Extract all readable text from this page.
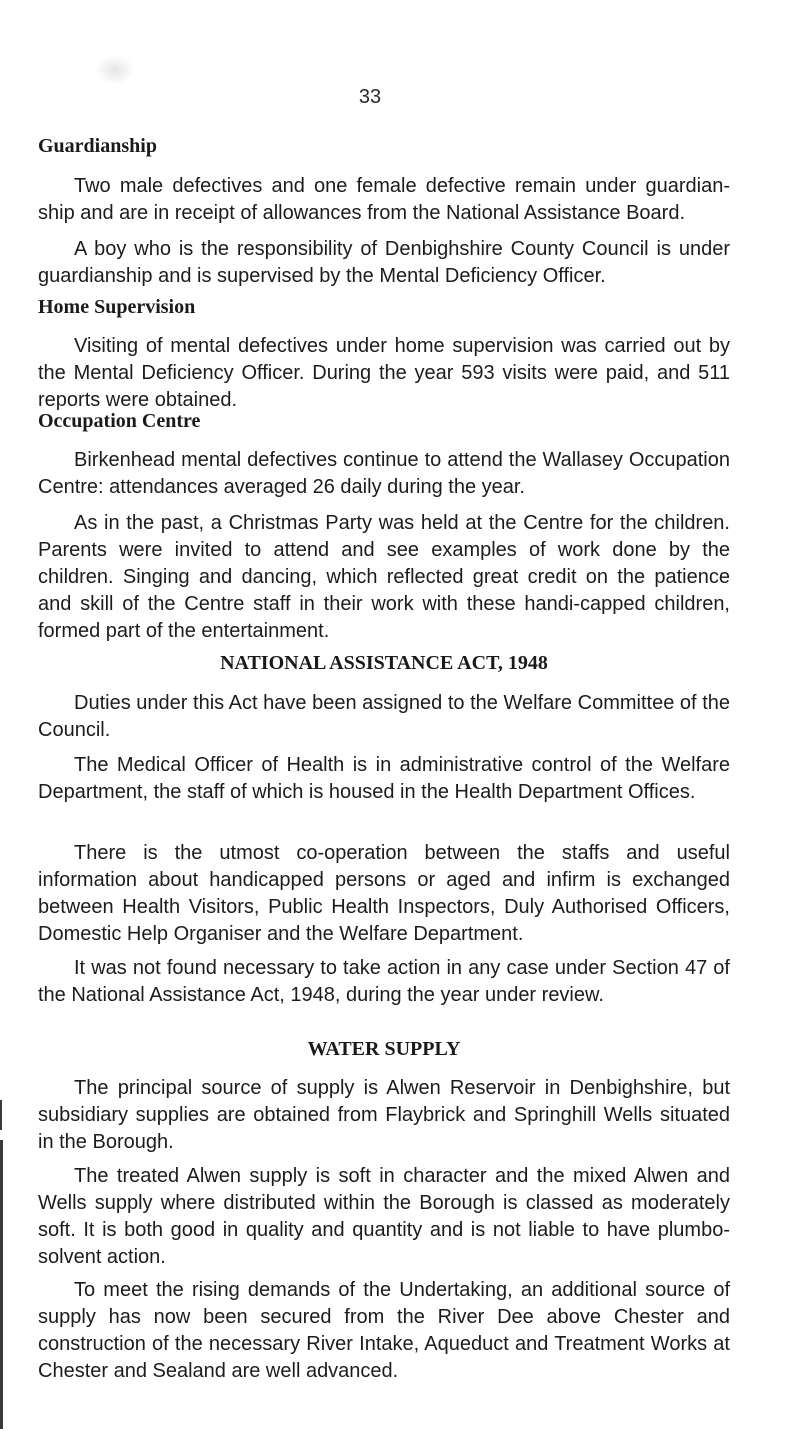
33
Guardianship

Two male defectives and one female defective remain under guardian-ship and are in receipt of allowances from the National Assistance Board.

A boy who is the responsibility of Denbighshire County Council is under guardianship and is supervised by the Mental Deficiency Officer.

Home Supervision

Visiting of mental defectives under home supervision was carried out by the Mental Deficiency Officer. During the year 593 visits were paid, and 511 reports were obtained.

Occupation Centre

Birkenhead mental defectives continue to attend the Wallasey Occupation Centre: attendances averaged 26 daily during the year.

As in the past, a Christmas Party was held at the Centre for the children. Parents were invited to attend and see examples of work done by the children. Singing and dancing, which reflected great credit on the patience and skill of the Centre staff in their work with these handi-capped children, formed part of the entertainment.

NATIONAL ASSISTANCE ACT, 1948

Duties under this Act have been assigned to the Welfare Committee of the Council.

The Medical Officer of Health is in administrative control of the Welfare Department, the staff of which is housed in the Health Department Offices.

There is the utmost co-operation between the staffs and useful information about handicapped persons or aged and infirm is exchanged between Health Visitors, Public Health Inspectors, Duly Authorised Officers, Domestic Help Organiser and the Welfare Department.

It was not found necessary to take action in any case under Section 47 of the National Assistance Act, 1948, during the year under review.

WATER SUPPLY

The principal source of supply is Alwen Reservoir in Denbighshire, but subsidiary supplies are obtained from Flaybrick and Springhill Wells situated in the Borough.

The treated Alwen supply is soft in character and the mixed Alwen and Wells supply where distributed within the Borough is classed as moderately soft. It is both good in quality and quantity and is not liable to have plumbo-solvent action.

To meet the rising demands of the Undertaking, an additional source of supply has now been secured from the River Dee above Chester and construction of the necessary River Intake, Aqueduct and Treatment Works at Chester and Sealand are well advanced.
